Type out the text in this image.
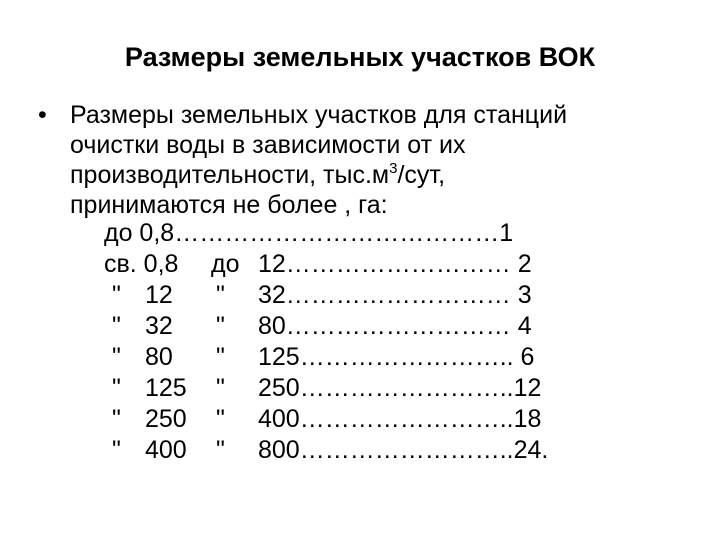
Размеры земельных участков ВОК
• Размеры земельных участков для станций
очистки воды в зависимости от их
производительности, $тыс.м^3$/сут,
принимаются не более , га:
до 0,8…………………………………1
св. 0,8 до 12……………………… 2
" 12 " 32……………………… 3
" 32 " 80……………………… 4
" 80 " 125…………………….. 6
" 125 " 250……………………..12
" 250 " 400……………………..18
" 400 " 800……………………..24.
